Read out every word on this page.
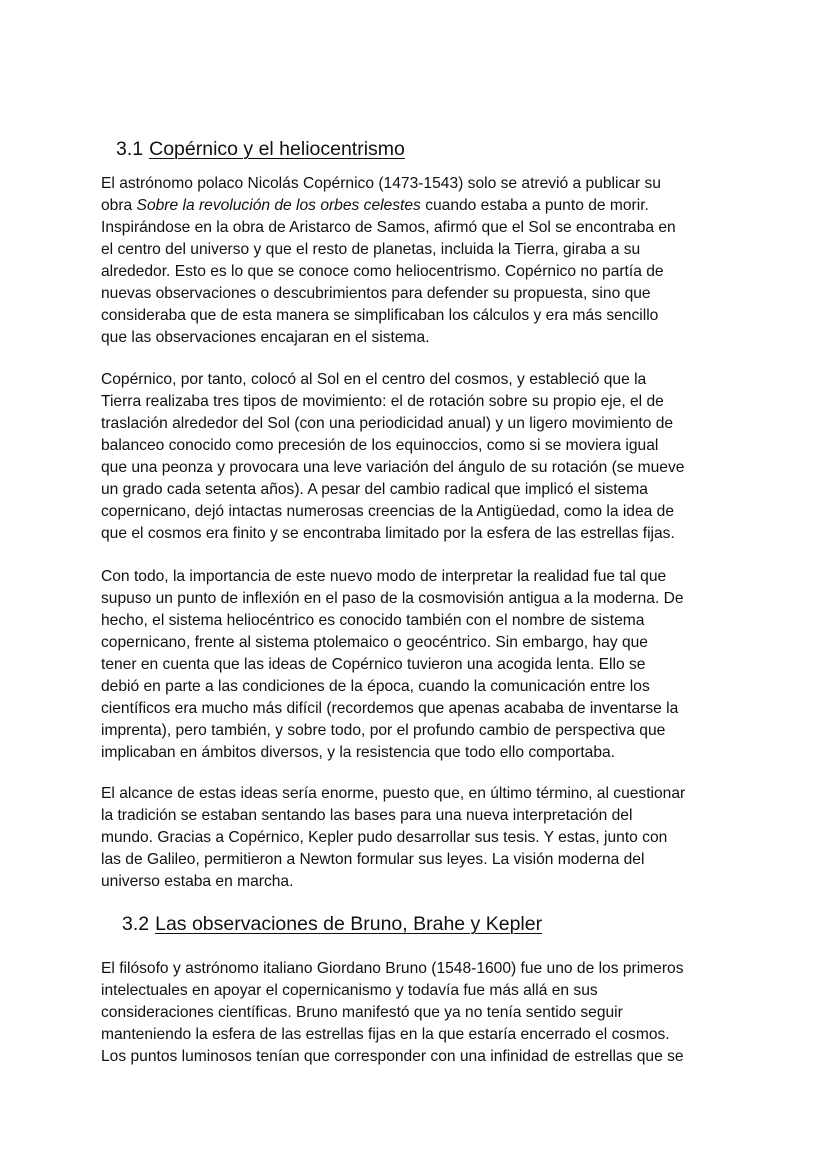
3.1 Copérnico y el heliocentrismo
El astrónomo polaco Nicolás Copérnico (1473-1543) solo se atrevió a publicar su
obra Sobre la revolución de los orbes celestes cuando estaba a punto de morir.
Inspirándose en la obra de Aristarco de Samos, afirmó que el Sol se encontraba en
el centro del universo y que el resto de planetas, incluida la Tierra, giraba a su
alrededor. Esto es lo que se conoce como heliocentrismo. Copérnico no partía de
nuevas observaciones o descubrimientos para defender su propuesta, sino que
consideraba que de esta manera se simplificaban los cálculos y era más sencillo
que las observaciones encajaran en el sistema.
Copérnico, por tanto, colocó al Sol en el centro del cosmos, y estableció que la
Tierra realizaba tres tipos de movimiento: el de rotación sobre su propio eje, el de
traslación alrededor del Sol (con una periodicidad anual) y un ligero movimiento de
balanceo conocido como precesión de los equinoccios, como si se moviera igual
que una peonza y provocara una leve variación del ángulo de su rotación (se mueve
un grado cada setenta años). A pesar del cambio radical que implicó el sistema
copernicano, dejó intactas numerosas creencias de la Antigüedad, como la idea de
que el cosmos era finito y se encontraba limitado por la esfera de las estrellas fijas.
Con todo, la importancia de este nuevo modo de interpretar la realidad fue tal que
supuso un punto de inflexión en el paso de la cosmovisión antigua a la moderna. De
hecho, el sistema heliocéntrico es conocido también con el nombre de sistema
copernicano, frente al sistema ptolemaico o geocéntrico. Sin embargo, hay que
tener en cuenta que las ideas de Copérnico tuvieron una acogida lenta. Ello se
debió en parte a las condiciones de la época, cuando la comunicación entre los
científicos era mucho más difícil (recordemos que apenas acababa de inventarse la
imprenta), pero también, y sobre todo, por el profundo cambio de perspectiva que
implicaban en ámbitos diversos, y la resistencia que todo ello comportaba.
El alcance de estas ideas sería enorme, puesto que, en último término, al cuestionar
la tradición se estaban sentando las bases para una nueva interpretación del
mundo. Gracias a Copérnico, Kepler pudo desarrollar sus tesis. Y estas, junto con
las de Galileo, permitieron a Newton formular sus leyes. La visión moderna del
universo estaba en marcha.
3.2 Las observaciones de Bruno, Brahe y Kepler
El filósofo y astrónomo italiano Giordano Bruno (1548-1600) fue uno de los primeros
intelectuales en apoyar el copernicanismo y todavía fue más allá en sus
consideraciones científicas. Bruno manifestó que ya no tenía sentido seguir
manteniendo la esfera de las estrellas fijas en la que estaría encerrado el cosmos.
Los puntos luminosos tenían que corresponder con una infinidad de estrellas que se
